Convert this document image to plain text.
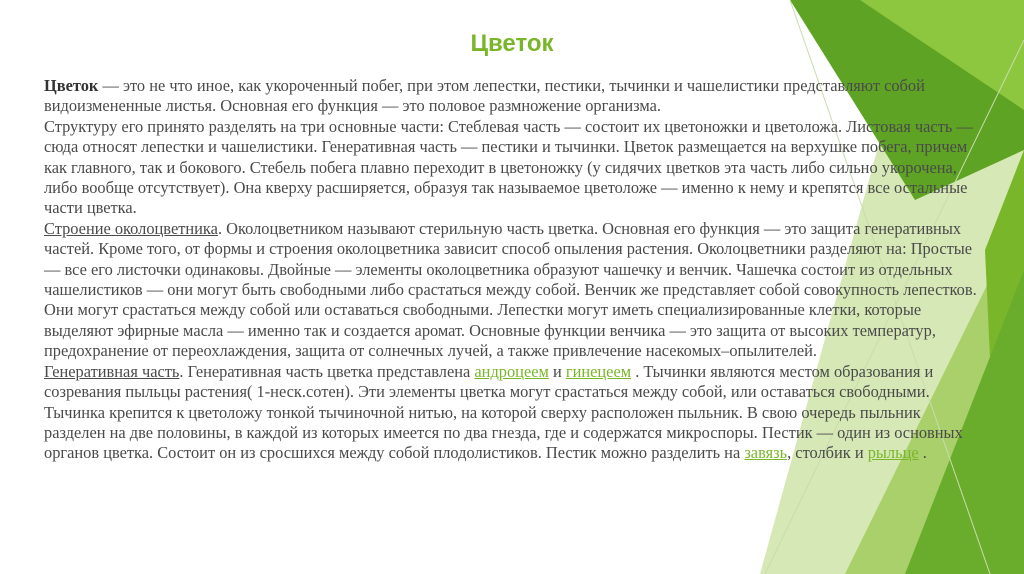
Цветок

Цветок — это не что иное, как укороченный побег, при этом лепестки, пестики, тычинки и чашелистики представляют собой видоизмененные листья. Основная его функция — это половое размножение организма.

Структуру его принято разделять на три основные части: Стеблевая часть — состоит их цветоножки и цветоложа. Листовая часть — сюда относят лепестки и чашелистики. Генеративная часть — пестики и тычинки. Цветок размещается на верхушке побега, причем как главного, так и бокового. Стебель побега плавно переходит в цветоножку (у сидячих цветков эта часть либо сильно укорочена, либо вообще отсутствует). Она кверху расширяется, образуя так называемое цветоложе — именно к нему и крепятся все остальные части цветка.

Строение околоцветника. Околоцветником называют стерильную часть цветка. Основная его функция — это защита генеративных частей. Кроме того, от формы и строения околоцветника зависит способ опыления растения. Околоцветники разделяют на: Простые — все его листочки одинаковы. Двойные — элементы околоцветника образуют чашечку и венчик. Чашечка состоит из отдельных чашелистиков — они могут быть свободными либо срастаться между собой. Венчик же представляет собой совокупность лепестков. Они могут срастаться между собой или оставаться свободными. Лепестки могут иметь специализированные клетки, которые выделяют эфирные масла — именно так и создается аромат. Основные функции венчика — это защита от высоких температур, предохранение от переохлаждения, защита от солнечных лучей, а также привлечение насекомых–опылителей.

Генеративная часть. Генеративная часть цветка представлена андроцеем и гинецеем . Тычинки являются местом образования и созревания пыльцы растения( 1-неск.сотен). Эти элементы цветка могут срастаться между собой, или оставаться свободными. Тычинка крепится к цветоложу тонкой тычиночной нитью, на которой сверху расположен пыльник. В свою очередь пыльник разделен на две половины, в каждой из которых имеется по два гнезда, где и содержатся микроспоры. Пестик — один из основных органов цветка. Состоит он из сросшихся между собой плодолистиков. Пестик можно разделить на завязь, столбик и рыльце .
